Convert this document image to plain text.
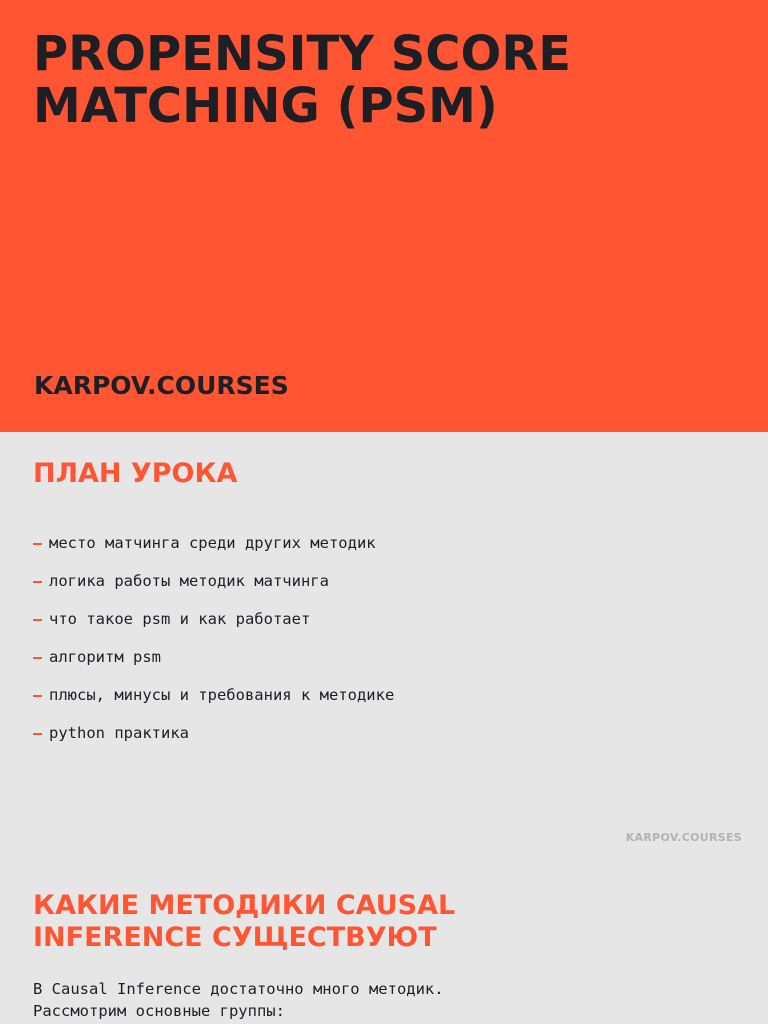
PROPENSITY SCORE
MATCHING (PSM)
KARPOV.COURSES
ПЛАН УРОКА
место матчинга среди других методик
логика работы методик матчинга
что такое psm и как работает
алгоритм psm
плюсы, минусы и требования к методике
python практика
KARPOV.COURSES
КАКИЕ МЕТОДИКИ CAUSAL
INFERENCE СУЩЕСТВУЮТ

В Causal Inference достаточно много методик.
Рассмотрим основные группы:
